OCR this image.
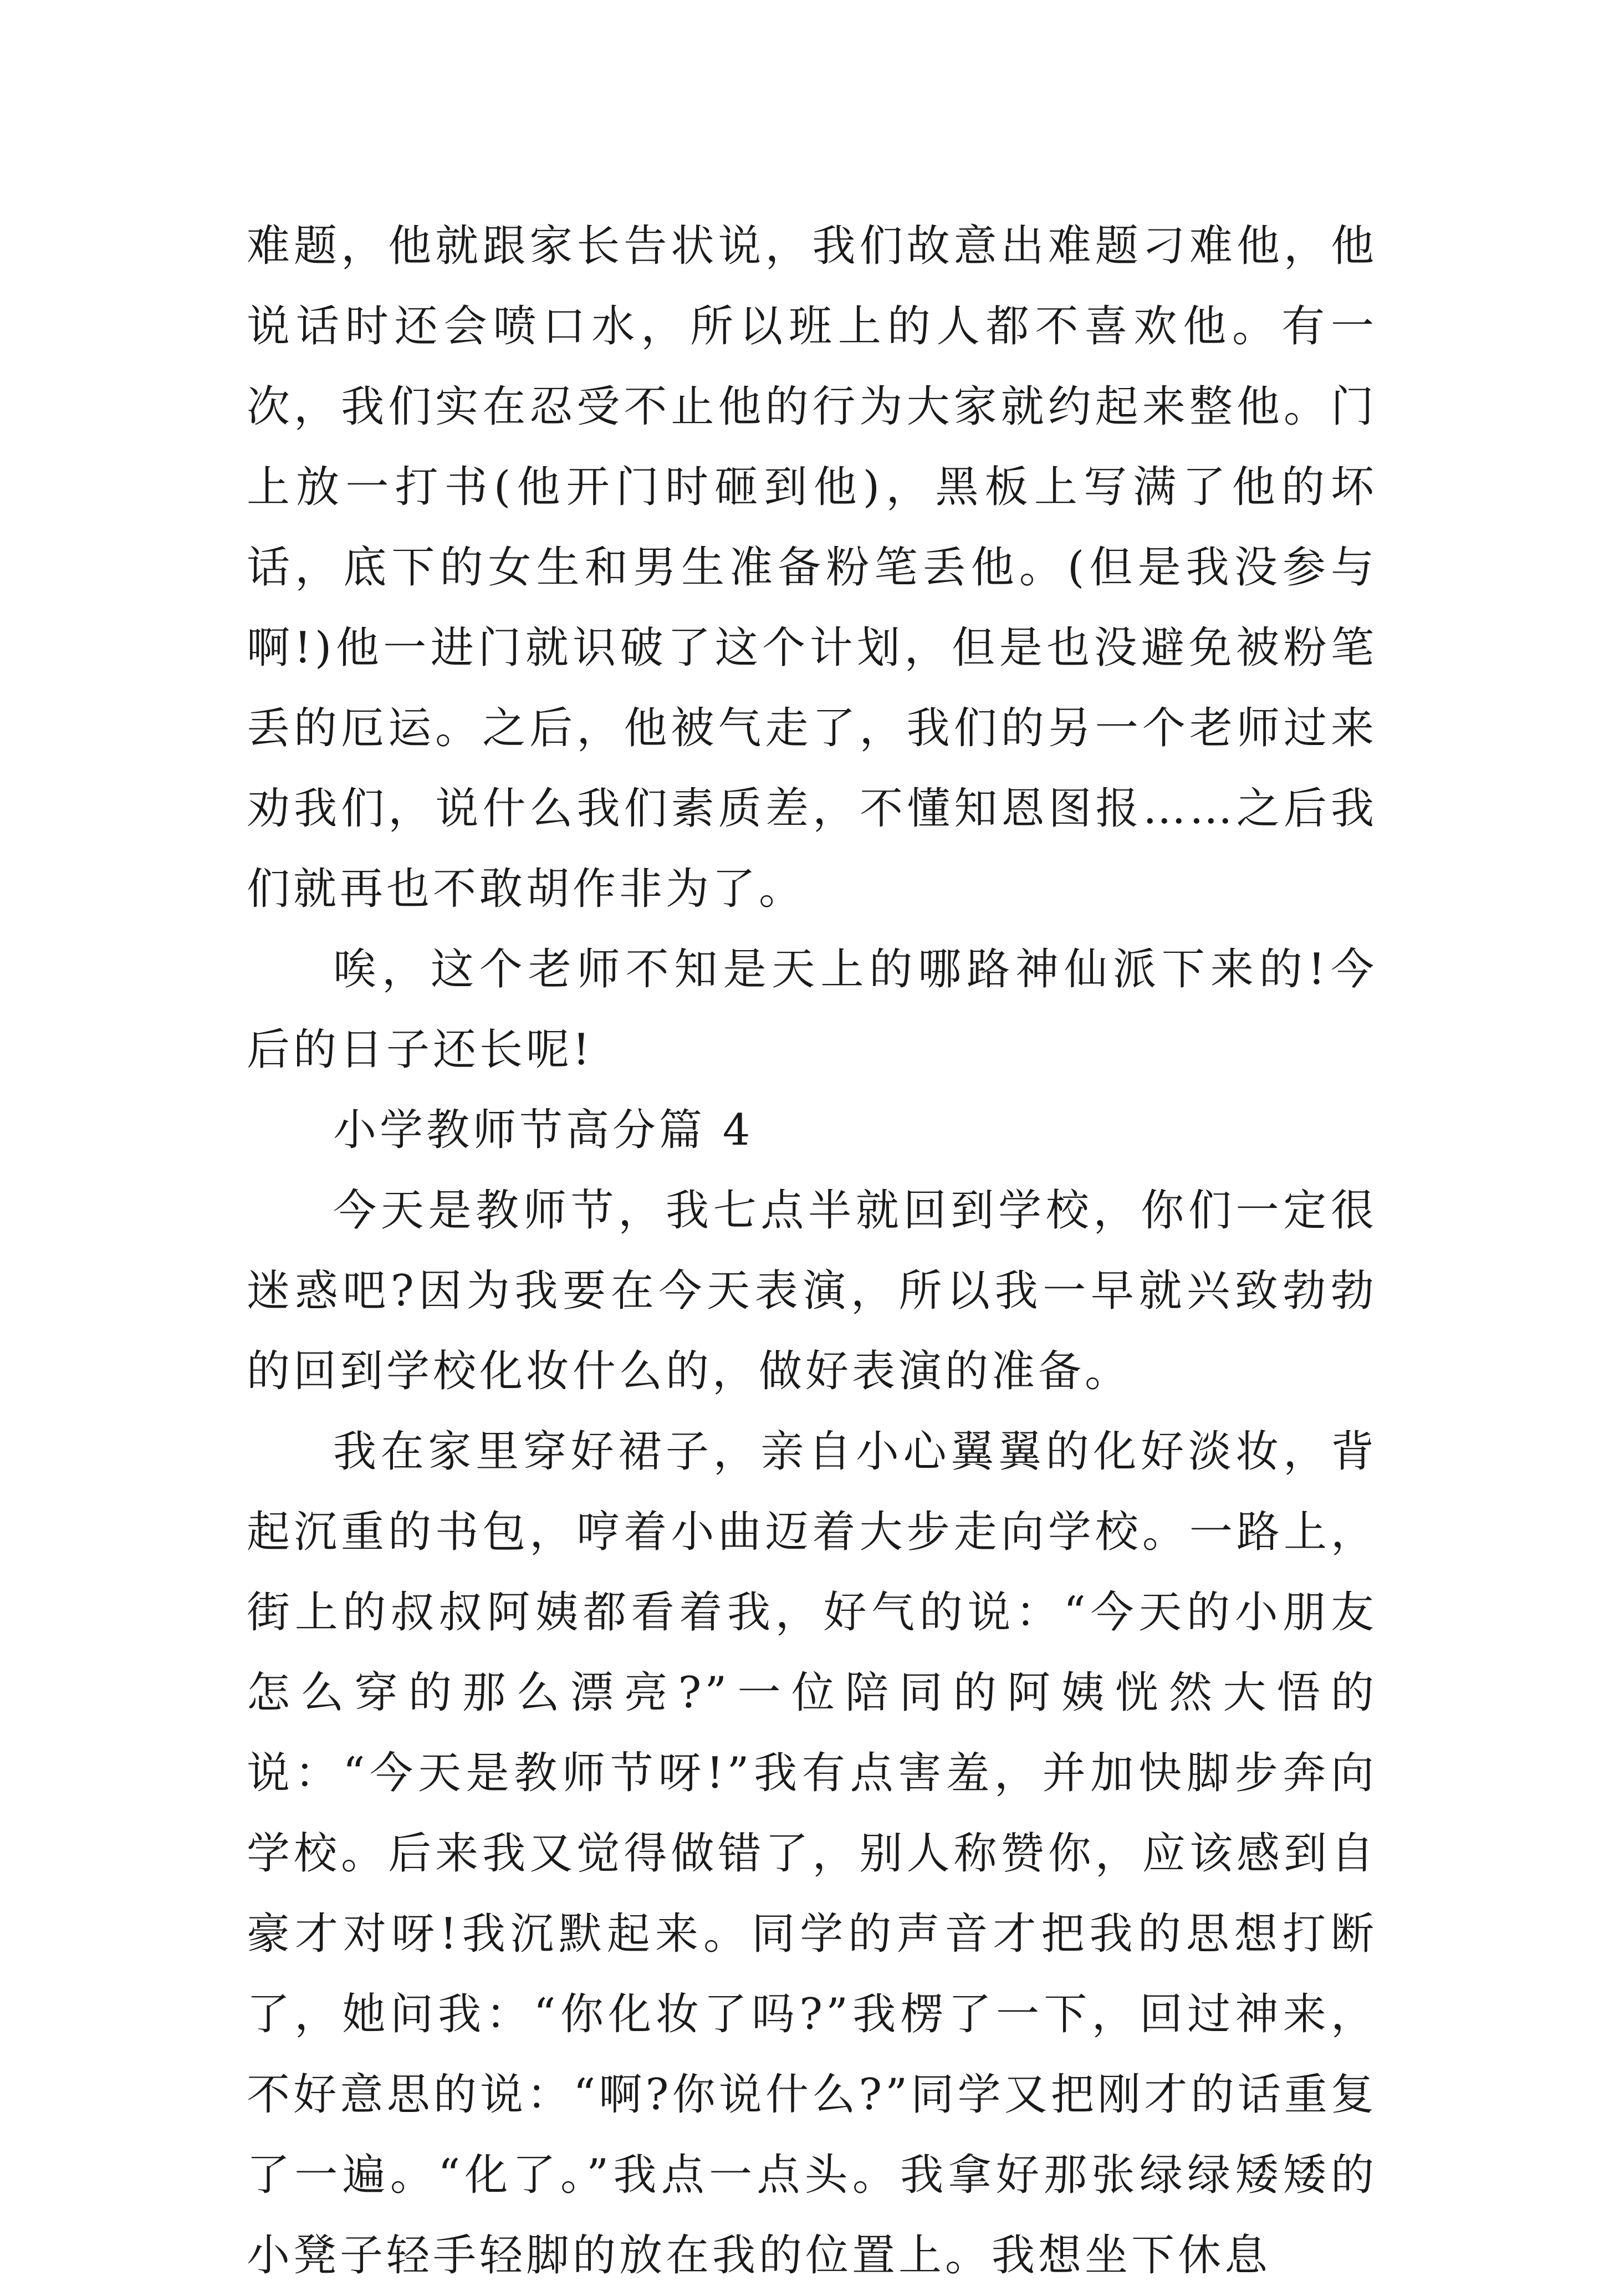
难题，他就跟家长告状说，我们故意出难题刁难他，他说话时还会喷口水，所以班上的人都不喜欢他。有一次，我们实在忍受不止他的行为大家就约起来整他。门上放一打书(他开门时砸到他)，黑板上写满了他的坏话，底下的女生和男生准备粉笔丢他。(但是我没参与啊!)他一进门就识破了这个计划，但是也没避免被粉笔丢的厄运。之后，他被气走了，我们的另一个老师过来劝我们，说什么我们素质差，不懂知恩图报……之后我们就再也不敢胡作非为了。

唉，这个老师不知是天上的哪路神仙派下来的!今后的日子还长呢!

小学教师节高分篇 4

今天是教师节，我七点半就回到学校，你们一定很迷惑吧?因为我要在今天表演，所以我一早就兴致勃勃的回到学校化妆什么的，做好表演的准备。

我在家里穿好裙子，亲自小心翼翼的化好淡妆，背起沉重的书包，哼着小曲迈着大步走向学校。一路上，街上的叔叔阿姨都看着我，好气的说：“今天的小朋友怎么穿的那么漂亮?”一位陪同的阿姨恍然大悟的说：“今天是教师节呀!”我有点害羞，并加快脚步奔向学校。后来我又觉得做错了，别人称赞你，应该感到自豪才对呀!我沉默起来。同学的声音才把我的思想打断了，她问我：“你化妆了吗?”我楞了一下，回过神来，不好意思的说：“啊?你说什么?”同学又把刚才的话重复了一遍。“化了。”我点一点头。我拿好那张绿绿矮矮的小凳子轻手轻脚的放在我的位置上。我想坐下休息
